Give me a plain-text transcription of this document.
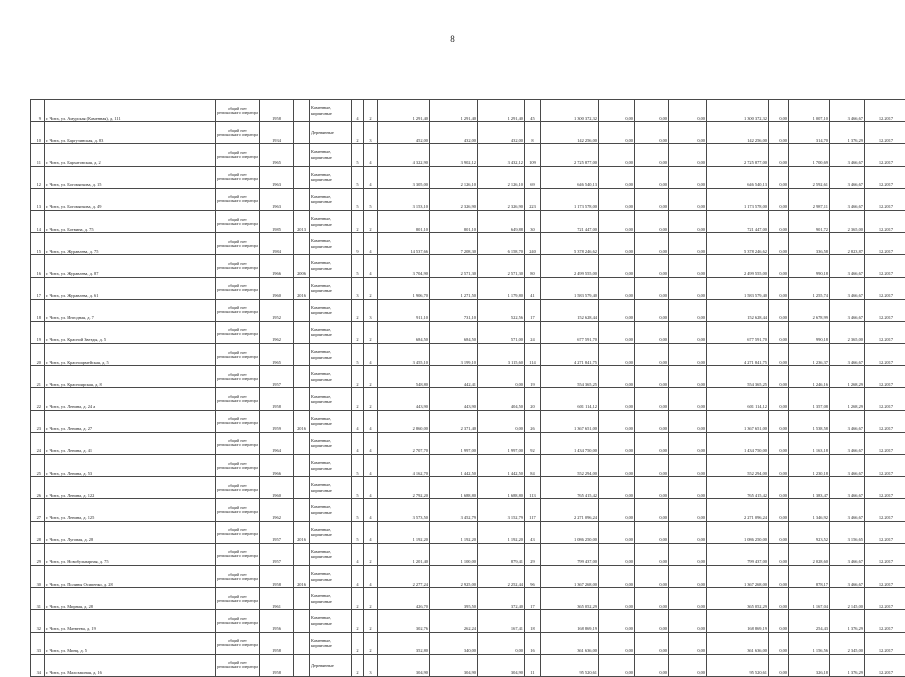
8
9	г. Чита, ул. Амурская (Каменная), д. 111	общий счет регионального оператора	1958		Каменные, кирпичные	4	2	1 291,40	1 291,40	1 291,40	45	1 300 372,32	0,00	0,00	0,00	1 300 372,32	0,00	1 007,10	3 466,67	12.2017
10	г. Чита, ул. Баргузинская, д. 83	общий счет регионального оператора	1934		Деревянные	2	3	452,00	432,00	432,00	8	142 256,00	0,00	0,00	0,00	142 256,00	0,00	314,70	1 376,29	12.2017
11	г. Чита, ул. Бархатовская, д. 2	общий счет регионального оператора	1965		Каменные, кирпичные	5	4	4 322,90	3 902,12	3 432,12	109	2 725 877,00	0,00	0,00	0,00	2 725 877,00	0,00	1 700,69	3 466,67	12.2017
12	г. Чита, ул. Богомягкова, д. 15	общий счет регионального оператора	1963		Каменные, кирпичные	5	4	3 305,00	2 126,10	2 126,10	69	646 540,13	0,00	0,00	0,00	646 540,13	0,00	2 592,61	3 466,67	12.2017
13	г. Чита, ул. Богомягкова, д. 49	общий счет регионального оператора	1963		Каменные, кирпичные	5	5	3 153,10	2 326,90	2 326,90	223	1 173 578,00	0,00	0,00	0,00	1 173 578,00	0,00	2 987,11	3 466,67	12.2017
14	г. Чита, ул. Ботвина, д. 75	общий счет регионального оператора	1985	2013	Каменные, кирпичные	2	2	801,10	801,10	649,88	30	721 447,00	0,00	0,00	0,00	721 447,00	0,00	901,72	2 365,00	12.2017
15	г. Чита, ул. Журавлева, д. 75	общий счет регионального оператора	1984		Каменные, кирпичные	9	4	14 537,66	7 208,30	6 158,70	240	5 378 246,62	0,00	0,00	0,00	5 378 246,62	0,00	336,58	2 823,87	12.2017
16	г. Чита, ул. Журавлева, д. 87	общий счет регионального оператора	1966	2006	Каменные, кирпичные	5	4	3 704,90	2 571,30	2 571,30	80	2 499 555,00	0,00	0,00	0,00	2 499 555,00	0,00	990,18	3 466,67	12.2017
17	г. Чита, ул. Журавлева, д. 61	общий счет регионального оператора	1960	2016	Каменные, кирпичные	3	2	1 906,70	1 271,50	1 179,80	41	1 583 579,40	0,00	0,00	0,00	1 583 579,40	0,00	1 255,74	3 466,67	12.2017
18	г. Чита, ул. Ингодная, д. 7	общий счет регионального оператора	1952		Каменные, кирпичные	2	3	911,10	731,10	522,56	17	152 628,44	0,00	0,00	0,00	152 628,44	0,00	2 678,99	3 466,67	12.2017
19	г. Чита, ул. Красной Звезды, д. 5	общий счет регионального оператора	1962		Каменные, кирпичные	2	2	684,50	684,50	571,00	24	677 591,70	0,00	0,00	0,00	677 591,70	0,00	990,18	2 365,00	12.2017
20	г. Чита, ул. Красноармейская, д. 5	общий счет регионального оператора	1965		Каменные, кирпичные	5	4	3 455,10	3 199,10	3 115,60	114	4 271 841,75	0,00	0,00	0,00	4 271 841,75	0,00	1 236,37	3 466,67	12.2017
21	г. Чита, ул. Красноярская, д. 8	общий счет регионального оператора	1957		Каменные, кирпичные	2	2	548,80	442,41	0,00	19	554 365,25	0,00	0,00	0,00	554 365,25	0,00	1 246,16	1 268,29	12.2017
22	г. Чита, ул. Ленина, д. 24 а	общий счет регионального оператора	1958		Каменные, кирпичные	2	2	443,90	443,90	404,50	20	601 114,12	0,00	0,00	0,00	601 114,12	0,00	1 357,08	1 268,29	12.2017
23	г. Чита, ул. Ленина, д. 27	общий счет регионального оператора	1959	2016	Каменные, кирпичные	4	4	2 860,00	2 371,40	0,00	26	1 367 651,00	0,00	0,00	0,00	1 367 651,00	0,00	1 538,58	3 466,67	12.2017
24	г. Чита, ул. Ленина, д. 41	общий счет регионального оператора	1964		Каменные, кирпичные	4	4	2 707,70	1 997,00	1 997,00	92	1 434 750,00	0,00	0,00	0,00	1 434 750,00	0,00	1 163,18	3 466,67	12.2017
25	г. Чита, ул. Ленина, д. 53	общий счет регионального оператора	1966		Каменные, кирпичные	5	4	4 162,70	1 442,50	1 442,50	84	552 294,00	0,00	0,00	0,00	552 294,00	0,00	1 230,18	3 466,67	12.2017
26	г. Чита, ул. Ленина, д. 122	общий счет регионального оператора	1960		Каменные, кирпичные	5	4	2 792,20	1 688,80	1 688,80	113	765 415,42	0,00	0,00	0,00	765 415,42	0,00	1 383,47	3 466,67	12.2017
27	г. Чита, ул. Ленина, д. 125	общий счет регионального оператора	1962		Каменные, кирпичные	5	4	3 573,50	3 452,79	3 152,79	117	2 271 096,24	0,00	0,00	0,00	2 271 096,24	0,00	1 346,92	3 466,67	12.2017
28	г. Чита, ул. Луговая, д. 28	общий счет регионального оператора	1957	2016	Каменные, кирпичные	5	4	1 192,20	1 192,20	1 192,20	43	1 086 250,00	0,00	0,00	0,00	1 086 250,00	0,00	923,52	3 156,65	12.2017
29	г. Чита, ул. Новобульварная, д. 75	общий счет регионального оператора	1957		Каменные, кирпичные	4	2	1 201,40	1 100,00	879,41	29	799 437,00	0,00	0,00	0,00	799 437,00	0,00	2 028,60	3 466,67	12.2017
30	г. Чита, ул. Полины Осипенко, д. 28	общий счет регионального оператора	1958	2016	Каменные, кирпичные	4	4	2 277,24	2 925,00	2 252,44	96	1 367 268,00	0,00	0,00	0,00	1 367 268,00	0,00	878,17	3 466,67	12.2017
31	г. Чита, ул. Мирная, д. 28	общий счет регионального оператора	1961		Каменные, кирпичные	2	2	426,70	395,50	372,40	17	365 052,29	0,00	0,00	0,00	365 052,29	0,00	1 167,04	2 145,00	12.2017
32	г. Чита, ул. Матвеева, д. 19	общий счет регионального оператора	1956		Каменные, кирпичные	2	2	302,76	262,24	167,41	18	168 869,19	0,00	0,00	0,00	168 869,19	0,00	254,43	1 376,29	12.2017
33	г. Чита, ул. Минц, д. 5	общий счет регионального оператора	1958		Каменные, кирпичные	2	2	352,80	340,00	0,00	16	361 636,00	0,00	0,00	0,00	361 636,00	0,00	1 156,56	2 345,00	12.2017
34	г. Чита, ул. Малозашная, д. 16	общий счет регионального оператора	1958		Деревянные	2	3	304,90	304,90	304,90	11	95 520,61	0,00	0,00	0,00	95 520,61	0,00	326,18	1 376,29	12.2017
